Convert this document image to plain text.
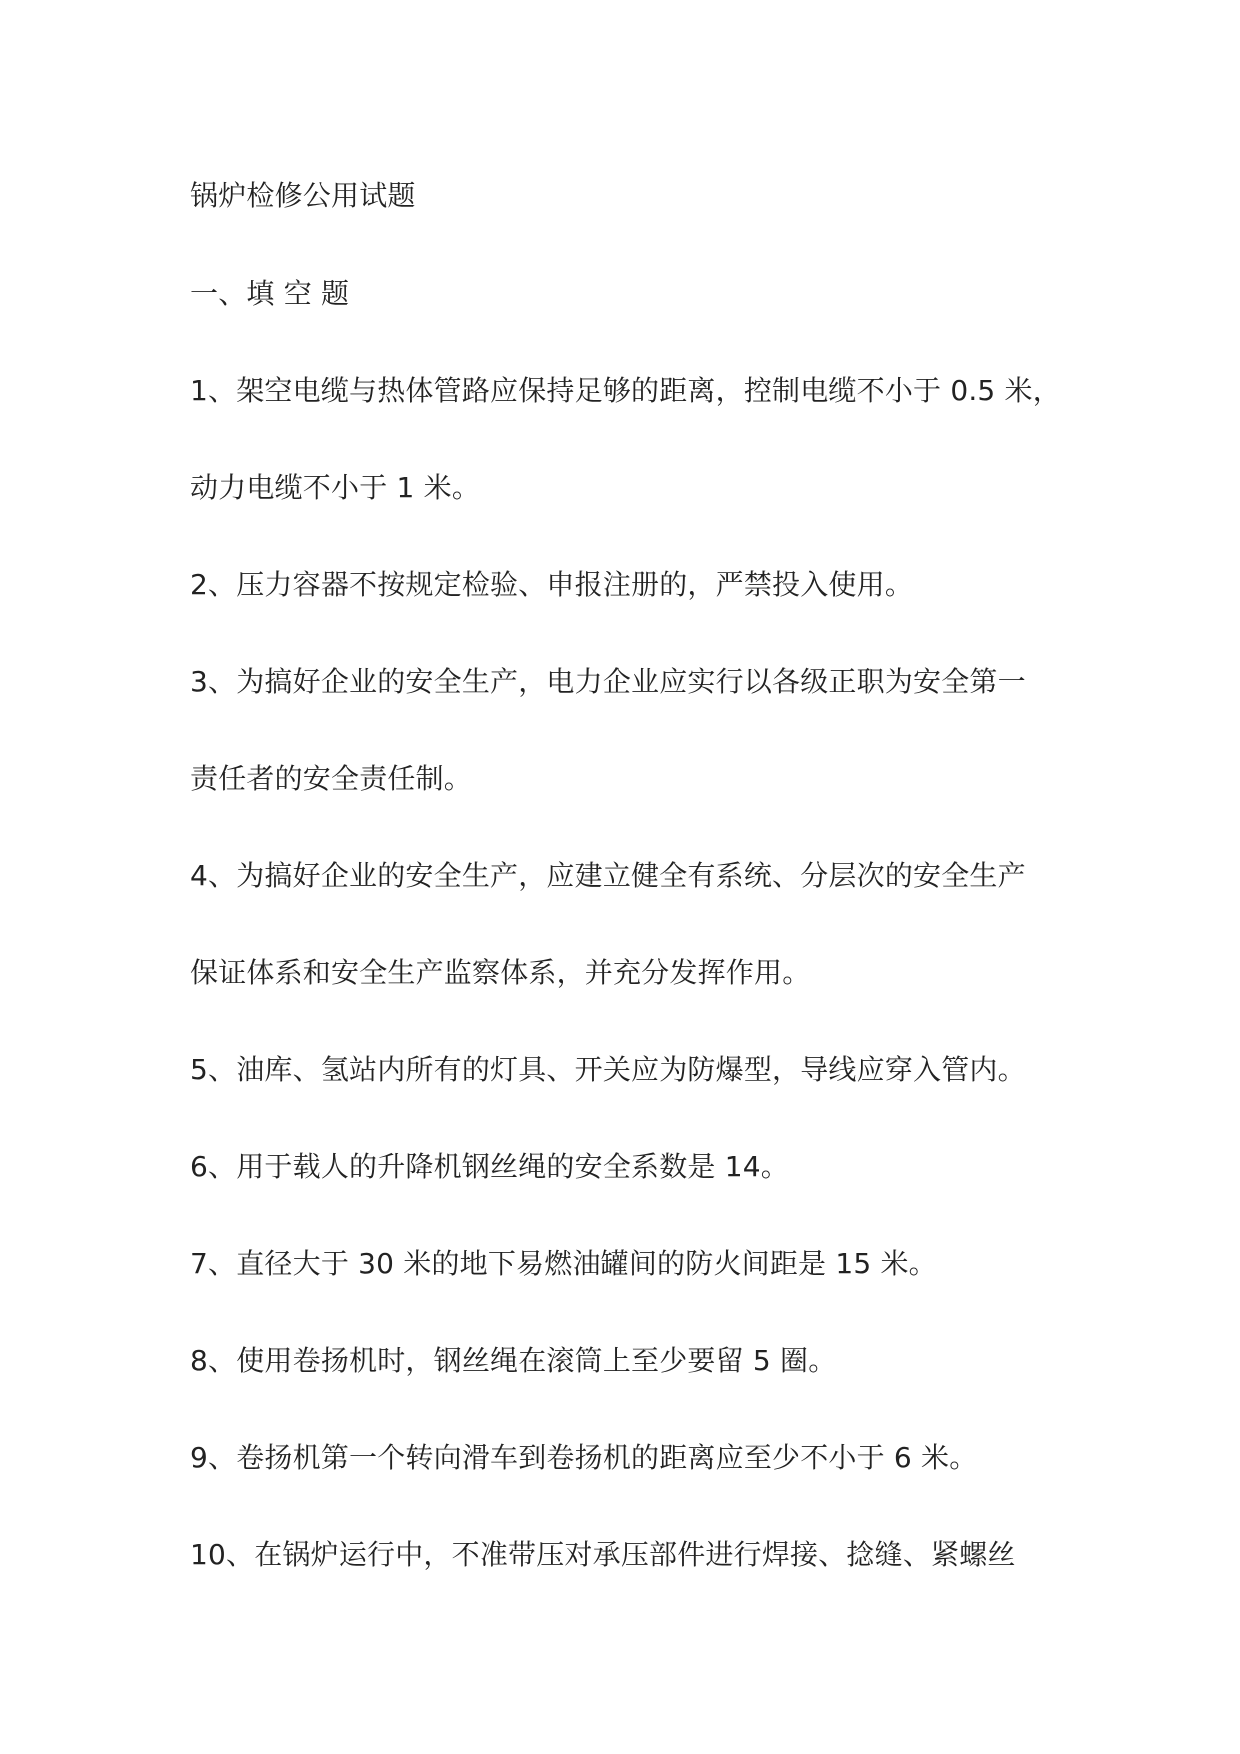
锅炉检修公用试题
一、填 空 题
1、架空电缆与热体管路应保持足够的距离，控制电缆不小于 0.5 米，
动力电缆不小于 1 米。
2、压力容器不按规定检验、申报注册的，严禁投入使用。
3、为搞好企业的安全生产，电力企业应实行以各级正职为安全第一
责任者的安全责任制。
4、为搞好企业的安全生产，应建立健全有系统、分层次的安全生产
保证体系和安全生产监察体系，并充分发挥作用。
5、油库、氢站内所有的灯具、开关应为防爆型，导线应穿入管内。
6、用于载人的升降机钢丝绳的安全系数是 14。
7、直径大于 30 米的地下易燃油罐间的防火间距是 15 米。
8、使用卷扬机时，钢丝绳在滚筒上至少要留 5 圈。
9、卷扬机第一个转向滑车到卷扬机的距离应至少不小于 6 米。
10、在锅炉运行中，不准带压对承压部件进行焊接、捻缝、紧螺丝
